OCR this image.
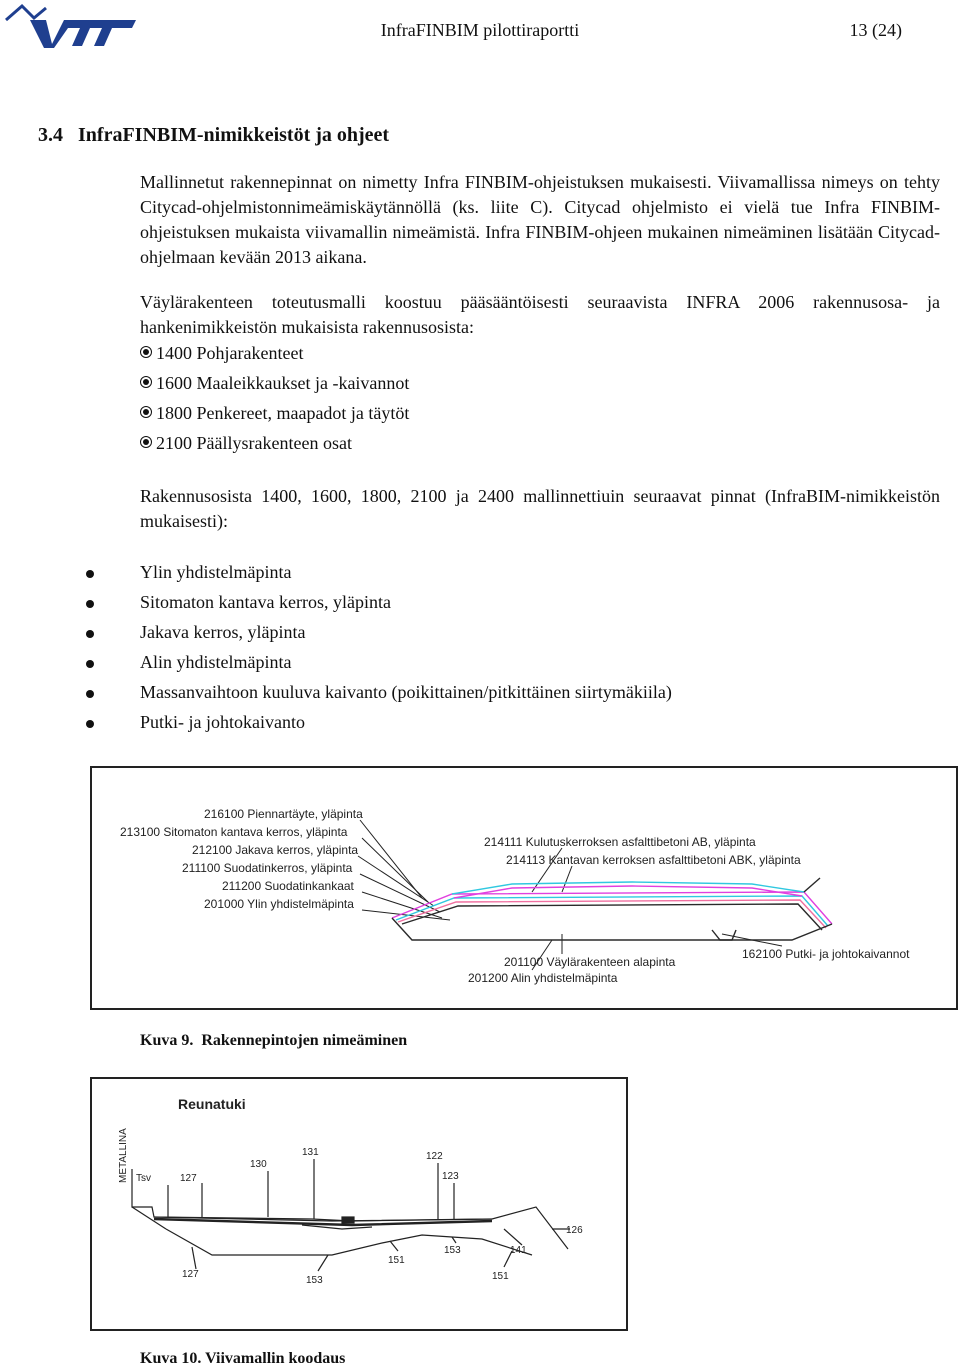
InfraFINBIM pilottiraportti	13 (24)
3.4   InfraFINBIM-nimikkeistöt ja ohjeet
Mallinnetut rakennepinnat on nimetty Infra FINBIM-ohjeistuksen mukaisesti. Viivamallissa nimeys on tehty Citycad-ohjelmistonnimeämiskäytännöllä (ks. liite C). Citycad ohjelmisto ei vielä tue Infra FINBIM-ohjeistuksen mukaista viivamallin nimeämistä. Infra FINBIM-ohjeen mukainen nimeäminen lisätään Citycad-ohjelmaan kevään 2013 aikana.
Väylärakenteen toteutusmalli koostuu pääsääntöisesti seuraavista INFRA 2006 rakennusosa- ja hankenimikkeistön mukaisista rakennusosista:
1400 Pohjarakenteet
1600 Maaleikkaukset ja -kaivannot
1800 Penkereet, maapadot ja täytöt
2100 Päällysrakenteen osat
Rakennusosista 1400, 1600, 1800, 2100 ja 2400 mallinnettiuin seuraavat pinnat (InfraBIM-nimikkeistön mukaisesti):
Ylin yhdistelmäpinta
Sitomaton kantava kerros, yläpinta
Jakava kerros, yläpinta
Alin yhdistelmäpinta
Massanvaihtoon kuuluva kaivanto (poikittainen/pitkittäinen siirtymäkiila)
Putki- ja johtokaivanto
216100 Piennartäyte, yläpinta
213100 Sitomaton kantava kerros, yläpinta
212100 Jakava kerros, yläpinta
211100 Suodatinkerros, yläpinta
211200 Suodatinkankaat
201000 Ylin yhdistelmäpinta
214111 Kulutuskerroksen asfalttibetoni AB, yläpinta
214113 Kantavan kerroksen asfalttibetoni ABK, yläpinta
201100 Väylärakenteen alapinta
201200 Alin yhdistelmäpinta
162100 Putki- ja johtokaivannot
Kuva 9. Rakennepintojen nimeäminen
Reunatuki
METALLINA Tsv	127
130
131	122
123
126
141
153
151
127
153	151
Kuva 10. Viivamallin koodaus
